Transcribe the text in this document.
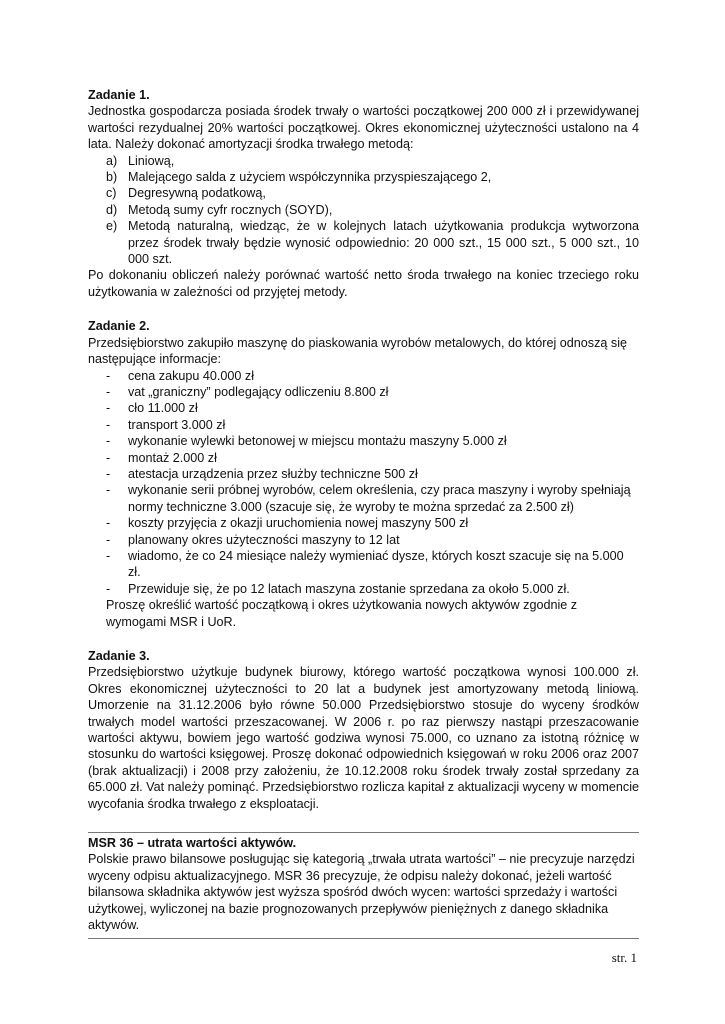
Zadanie 1.

Jednostka gospodarcza posiada środek trwały o wartości początkowej 200 000 zł i przewidywanej wartości rezydualnej 20% wartości początkowej. Okres ekonomicznej użyteczności ustalono na 4 lata. Należy dokonać amortyzacji środka trwałego metodą:

a) Liniową,
b) Malejącego salda z użyciem współczynnika przyspieszającego 2,
c) Degresywną podatkową,
d) Metodą sumy cyfr rocznych (SOYD),
e) Metodą naturalną, wiedząc, że w kolejnych latach użytkowania produkcja wytworzona przez środek trwały będzie wynosić odpowiednio: 20 000 szt., 15 000 szt., 5 000 szt., 10 000 szt.

Po dokonaniu obliczeń należy porównać wartość netto środa trwałego na koniec trzeciego roku użytkowania w zależności od przyjętej metody.

Zadanie 2.

Przedsiębiorstwo zakupiło maszynę do piaskowania wyrobów metalowych, do której odnoszą się następujące informacje:

- cena zakupu 40.000 zł
- vat „graniczny” podlegający odliczeniu 8.800 zł
- cło 11.000 zł
- transport 3.000 zł
- wykonanie wylewki betonowej w miejscu montażu maszyny 5.000 zł
- montaż 2.000 zł
- atestacja urządzenia przez służby techniczne 500 zł
- wykonanie serii próbnej wyrobów, celem określenia, czy praca maszyny i wyroby spełniają normy techniczne 3.000 (szacuje się, że wyroby te można sprzedać za 2.500 zł)
- koszty przyjęcia z okazji uruchomienia nowej maszyny 500 zł
- planowany okres użyteczności maszyny to 12 lat
- wiadomo, że co 24 miesiące należy wymieniać dysze, których koszt szacuje się na 5.000 zł.
- Przewiduje się, że po 12 latach maszyna zostanie sprzedana za około 5.000 zł.

Proszę określić wartość początkową i okres użytkowania nowych aktywów zgodnie z wymogami MSR i UoR.

Zadanie 3.

Przedsiębiorstwo użytkuje budynek biurowy, którego wartość początkowa wynosi 100.000 zł. Okres ekonomicznej użyteczności to 20 lat a budynek jest amortyzowany metodą liniową. Umorzenie na 31.12.2006 było równe 50.000 Przedsiębiorstwo stosuje do wyceny środków trwałych model wartości przeszacowanej. W 2006 r. po raz pierwszy nastąpi przeszacowanie wartości aktywu, bowiem jego wartość godziwa wynosi 75.000, co uznano za istotną różnicę w stosunku do wartości księgowej. Proszę dokonać odpowiednich księgowań w roku 2006 oraz 2007 (brak aktualizacji) i 2008 przy założeniu, że 10.12.2008 roku środek trwały został sprzedany za 65.000 zł. Vat należy pominąć. Przedsiębiorstwo rozlicza kapitał z aktualizacji wyceny w momencie wycofania środka trwałego z eksploatacji.

MSR 36 – utrata wartości aktywów.

Polskie prawo bilansowe posługując się kategorią „trwała utrata wartości” – nie precyzuje narzędzi wyceny odpisu aktualizacyjnego. MSR 36 precyzuje, że odpisu należy dokonać, jeżeli wartość bilansowa składnika aktywów jest wyższa spośród dwóch wycen: wartości sprzedaży i wartości użytkowej, wyliczonej na bazie prognozowanych przepływów pieniężnych z danego składnika aktywów.

str. 1
